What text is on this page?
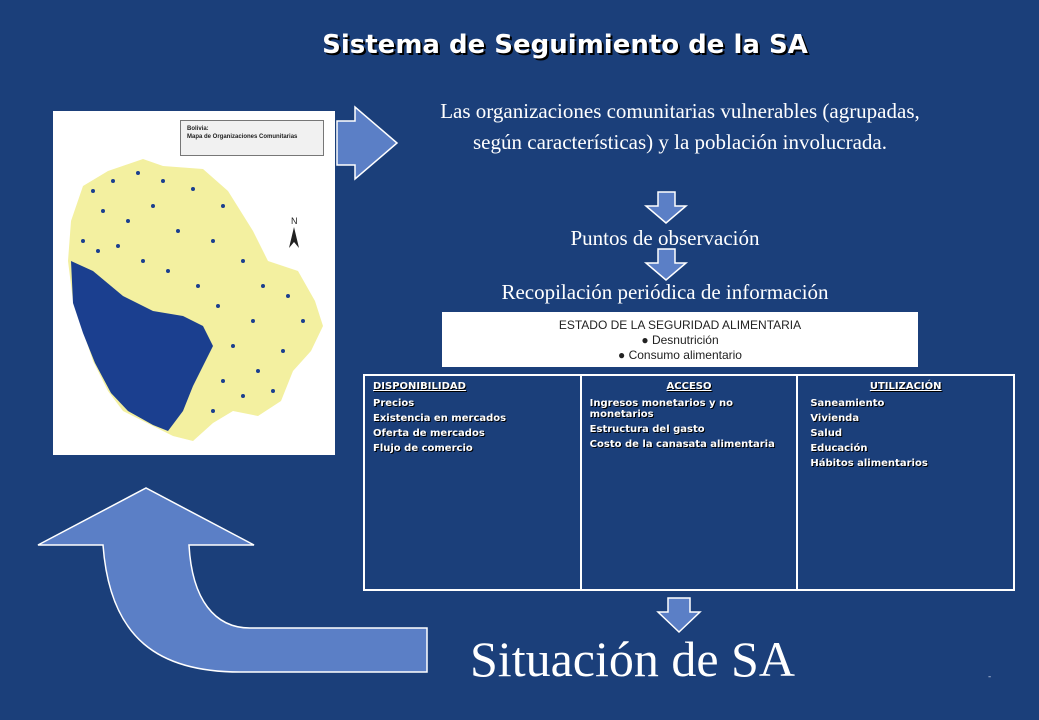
Sistema de Seguimiento de la SA
N
Bolivia:
Mapa de Organizaciones Comunitarias
Las organizaciones comunitarias vulnerables (agrupadas, según características) y la población involucrada.
Puntos de observación
Recopilación periódica de información
ESTADO DE LA SEGURIDAD ALIMENTARIA
● Desnutrición
● Consumo alimentario
DISPONIBILIDAD
Precios
Existencia en mercados
Oferta de mercados
Flujo de comercio
ACCESO
Ingresos monetarios y no monetarios
Estructura del gasto
Costo de la canasata alimentaria
UTILIZACIÓN
Saneamiento
Vivienda
Salud
Educación
Hábitos alimentarios
Situación de SA	-
